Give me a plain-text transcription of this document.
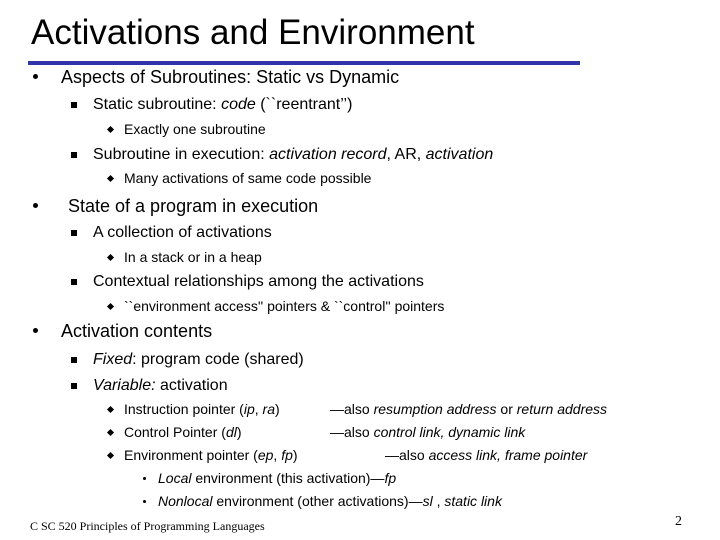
Activations and Environment
Aspects of Subroutines: Static vs Dynamic
Static subroutine: code (``reentrant’’)
Exactly one subroutine
Subroutine in execution: activation record, AR, activation
Many activations of same code possible
State of a program in execution
A collection of activations
In a stack or in a heap
Contextual relationships among the activations
``environment access'' pointers & ``control'' pointers
Activation contents
Fixed: program code (shared)
Variable: activation
Instruction pointer (ip, ra)	—also resumption address or return address
Control Pointer (dl)	—also control link, dynamic link
Environment pointer (ep, fp)	—also access link, frame pointer
Local environment (this activation)—fp
Nonlocal environment (other activations)—sl , static link
C SC 520 Principles of Programming Languages	2
